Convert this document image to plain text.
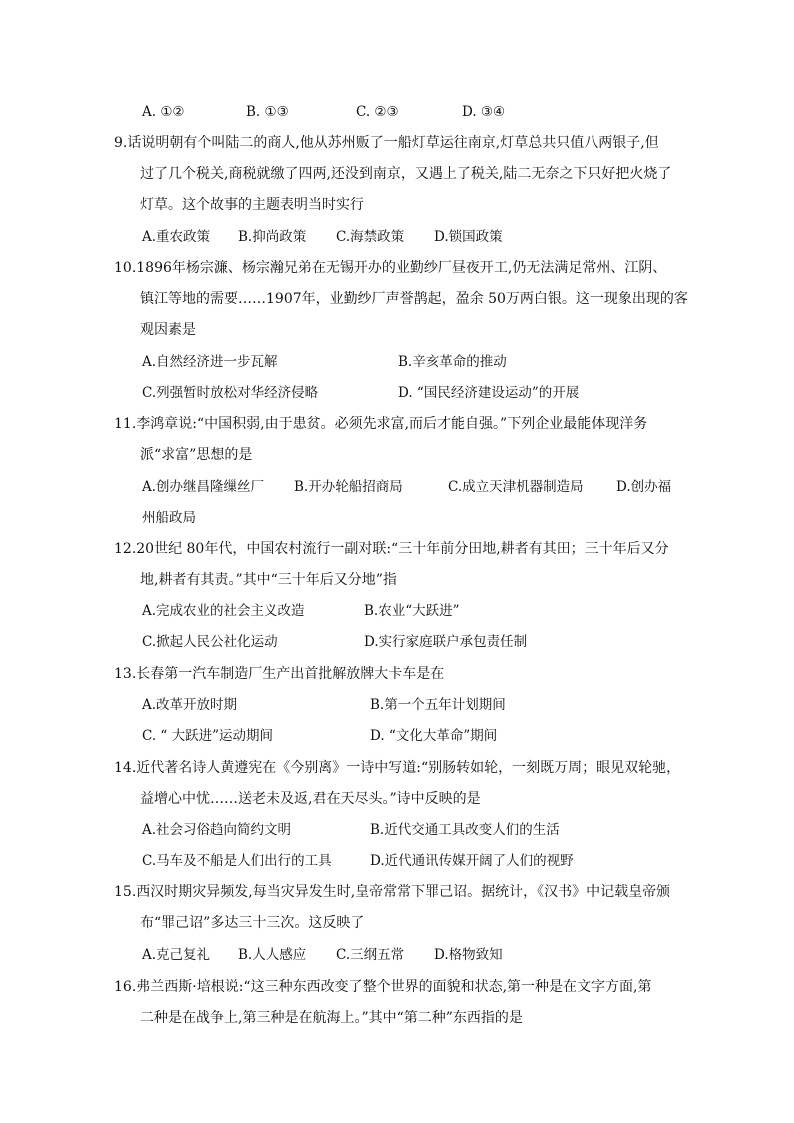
A. ①②	B. ①③	C. ②③	D. ③④
9.话说明朝有个叫陆二的商人,他从苏州贩了一船灯草运往南京,灯草总共只值八两银子,但
过了几个税关,商税就缴了四两,还没到南京，又遇上了税关,陆二无奈之下只好把火烧了
灯草。这个故事的主题表明当时实行
A.重农政策 B.抑尚政策 C.海禁政策 D.锁国政策
10.1896年杨宗濂、杨宗瀚兄弟在无锡开办的业勤纱厂昼夜开工,仍无法满足常州、江阴、
镇江等地的需要……1907年，业勤纱厂声誉鹊起，盈余 50万两白银。这一现象出现的客
观因素是
A.自然经济进一步瓦解	B.辛亥革命的推动
C.列强暂时放松对华经济侵略	D. “国民经济建设运动”的开展
11.李鸿章说:“中国积弱,由于患贫。必须先求富,而后才能自强。”下列企业最能体现洋务
派“求富”思想的是
A.创办继昌隆缫丝厂 B.开办轮船招商局	C.成立天津机器制造局 D.创办福
州船政局
12.20世纪 80年代，中国农村流行一副对联:“三十年前分田地,耕者有其田；三十年后又分
地,耕者有其责。”其中“三十年后又分地”指
A.完成农业的社会主义改造	B.农业“大跃进”
C.掀起人民公社化运动	D.实行家庭联户承包责任制
13.长春第一汽车制造厂生产出首批解放牌大卡车是在
A.改革开放时期	B.第一个五年计划期间
C. “ 大跃进”运动期间	D. “文化大革命”期间
14.近代著名诗人黄遵宪在《今别离》一诗中写道:“别肠转如轮，一刻既万周；眼见双轮驰，
益增心中忧……送老未及返,君在天尽头。”诗中反映的是
A.社会习俗趋向简约文明	B.近代交通工具改变人们的生活
C.马车及不船是人们出行的工具	D.近代通讯传媒开阔了人们的视野
15.西汉时期灾异频发,每当灾异发生时,皇帝常常下罪己诏。据统计，《汉书》中记载皇帝颁
布“罪己诏”多达三十三次。这反映了
A.克己复礼 B.人人感应 C.三纲五常 D.格物致知
16.弗兰西斯·培根说:“这三种东西改变了整个世界的面貌和状态,第一种是在文字方面,第
二种是在战争上,第三种是在航海上。”其中“第二种”东西指的是
